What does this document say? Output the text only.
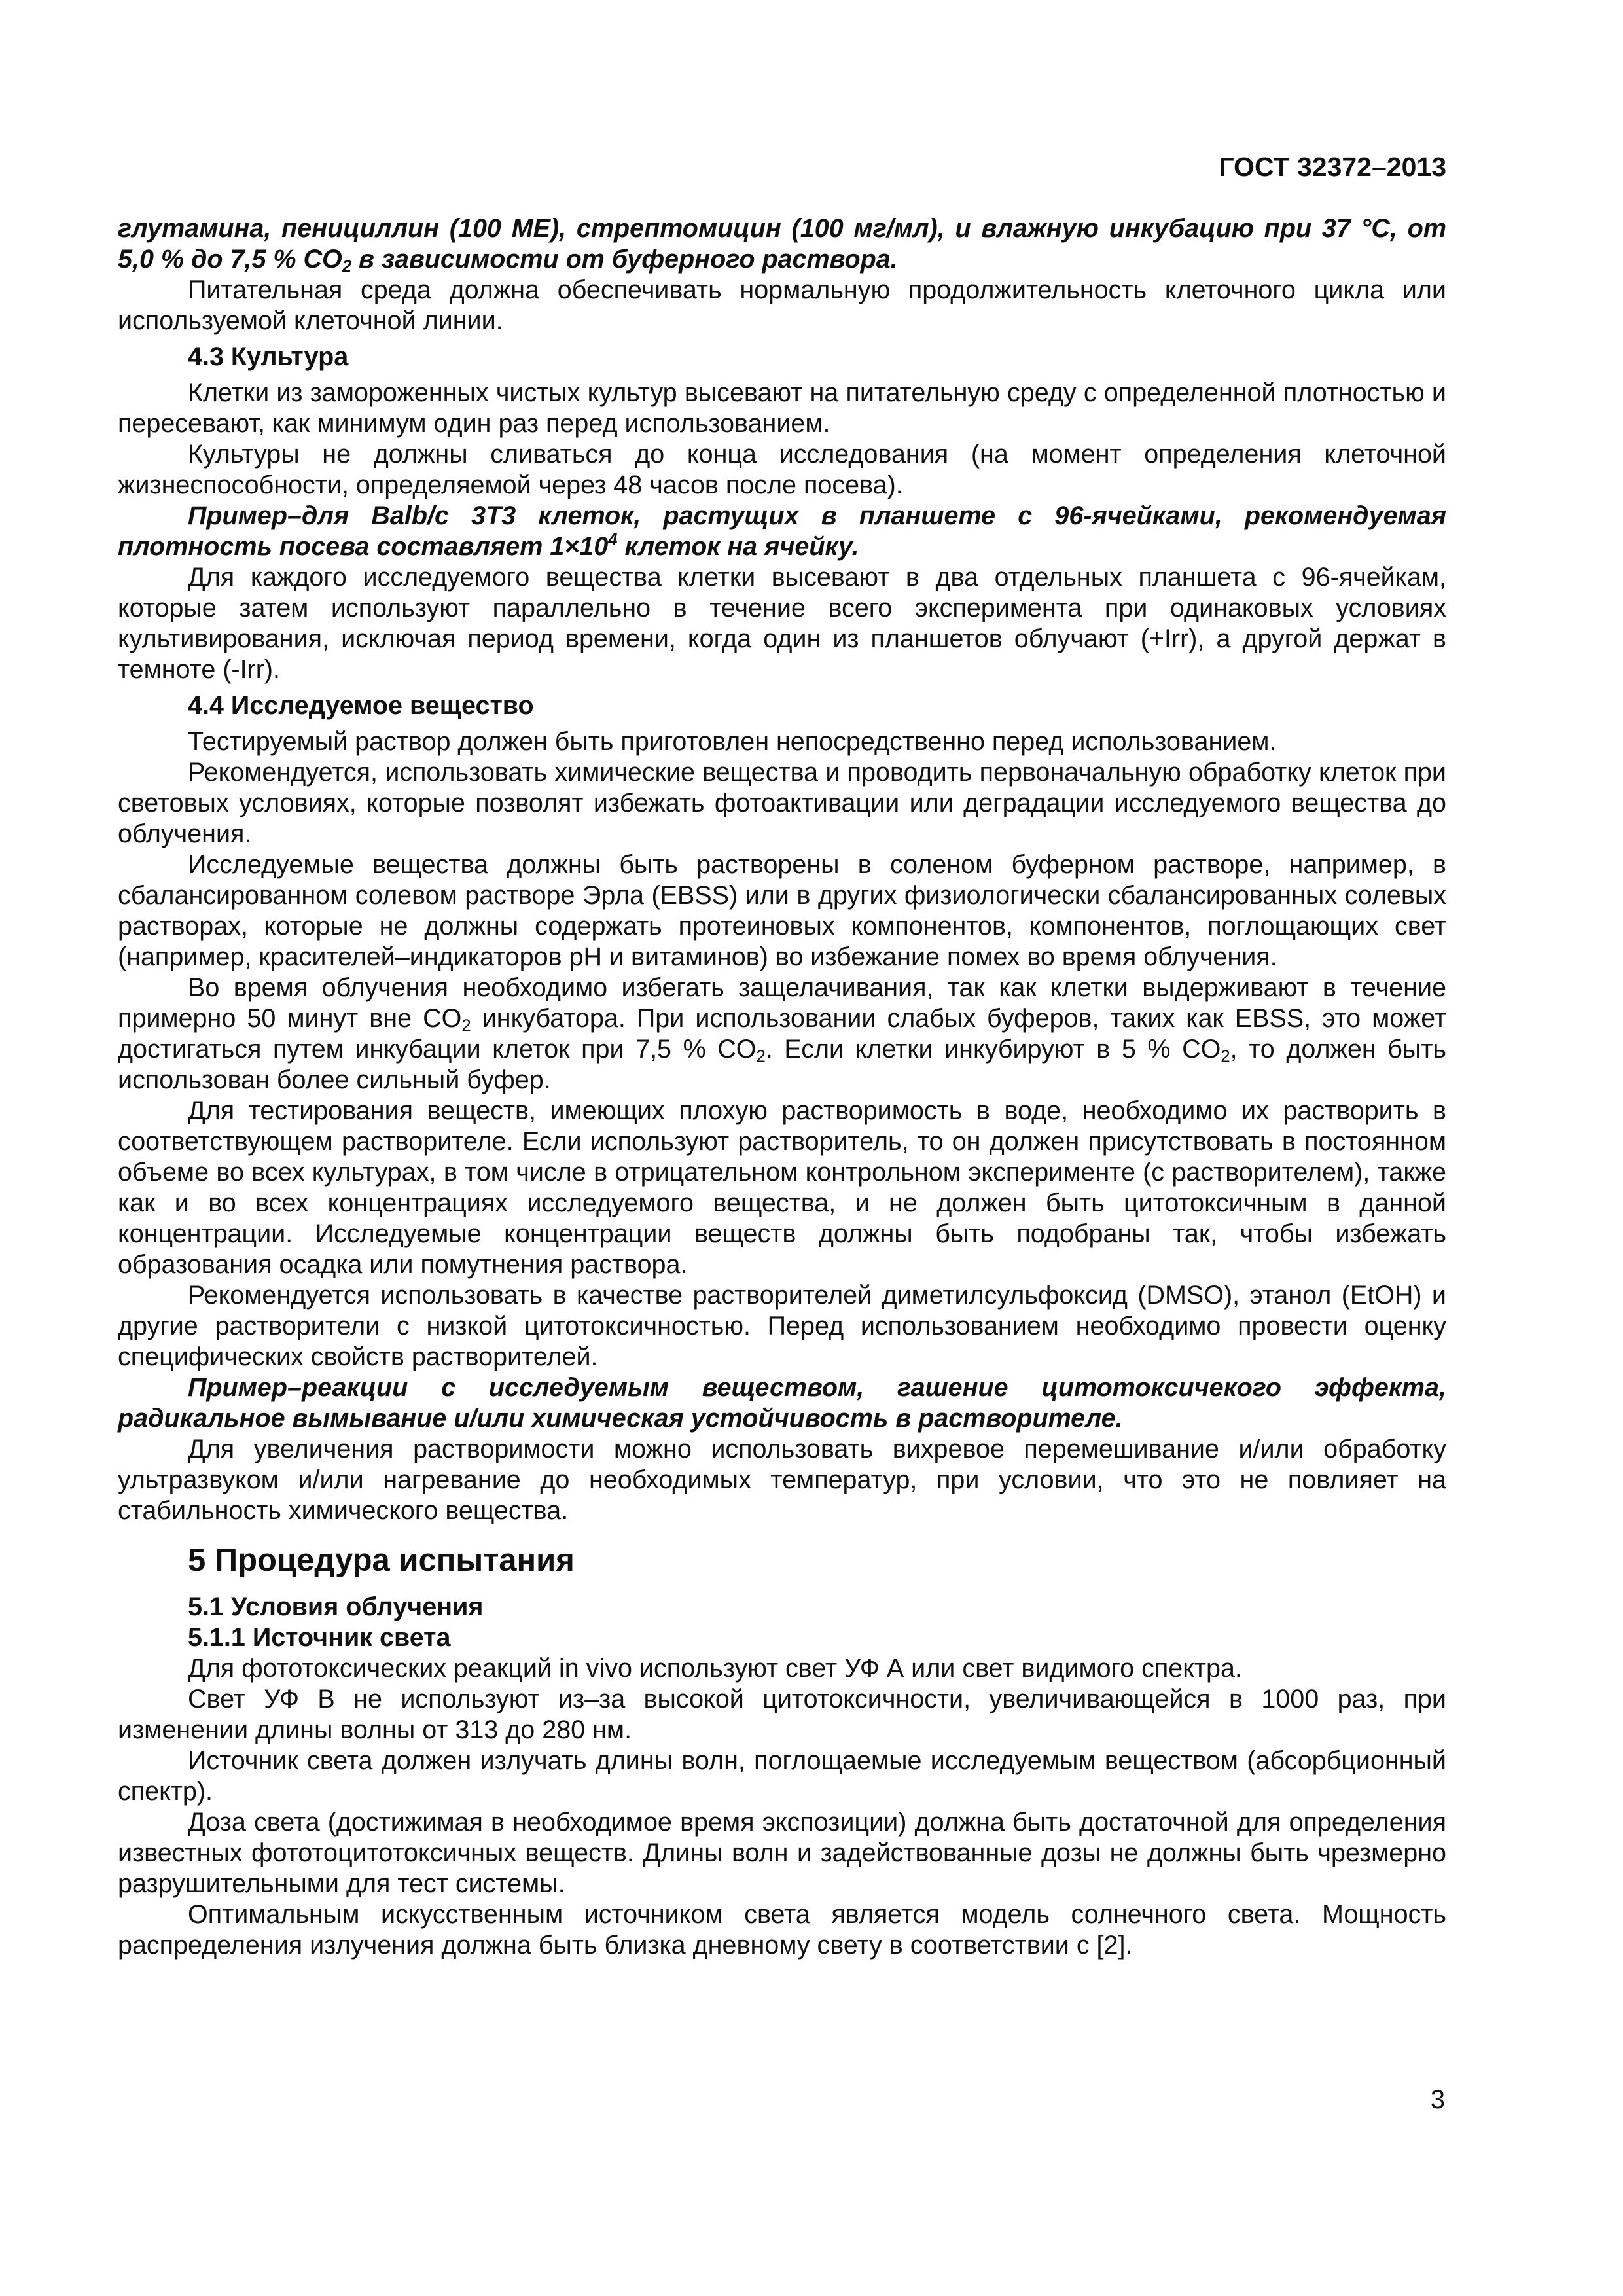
ГОСТ 32372–2013

глутамина, пенициллин (100 МЕ), стрептомицин (100 мг/мл), и влажную инкубацию при 37 °С, от 5,0 % до 7,5 % $CO_2$ в зависимости от буферного раствора.

Питательная среда должна обеспечивать нормальную продолжительность клеточного цикла или используемой клеточной линии.

4.3 Культура

Клетки из замороженных чистых культур высевают на питательную среду с определенной плотностью и пересевают, как минимум один раз перед использованием.

Культуры не должны сливаться до конца исследования (на момент определения клеточной жизнеспособности, определяемой через 48 часов после посева).

Пример–для Balb/c 3Т3 клеток, растущих в планшете с 96-ячейками, рекомендуемая плотность посева составляет $1\times 10^4$ клеток на ячейку.

Для каждого исследуемого вещества клетки высевают в два отдельных планшета с 96-ячейкам, которые затем используют параллельно в течение всего эксперимента при одинаковых условиях культивирования, исключая период времени, когда один из планшетов облучают (+Irr), а другой держат в темноте (-Irr).

4.4 Исследуемое вещество

Тестируемый раствор должен быть приготовлен непосредственно перед использованием.

Рекомендуется, использовать химические вещества и проводить первоначальную обработку клеток при световых условиях, которые позволят избежать фотоактивации или деградации исследуемого вещества до облучения.

Исследуемые вещества должны быть растворены в соленом буферном растворе, например, в сбалансированном солевом растворе Эрла (EBSS) или в других физиологически сбалансированных солевых растворах, которые не должны содержать протеиновых компонентов, компонентов, поглощающих свет (например, красителей–индикаторов pH и витаминов) во избежание помех во время облучения.

Во время облучения необходимо избегать защелачивания, так как клетки выдерживают в течение примерно 50 минут вне $CO_2$ инкубатора. При использовании слабых буферов, таких как EBSS, это может достигаться путем инкубации клеток при 7,5 % $CO_2$. Если клетки инкубируют в 5 % $CO_2$, то должен быть использован более сильный буфер.

Для тестирования веществ, имеющих плохую растворимость в воде, необходимо их растворить в соответствующем растворителе. Если используют растворитель, то он должен присутствовать в постоянном объеме во всех культурах, в том числе в отрицательном контрольном эксперименте (с растворителем), также как и во всех концентрациях исследуемого вещества, и не должен быть цитотоксичным в данной концентрации. Исследуемые концентрации веществ должны быть подобраны так, чтобы избежать образования осадка или помутнения раствора.

Рекомендуется использовать в качестве растворителей диметилсульфоксид (DMSO), этанол (EtOH) и другие растворители с низкой цитотоксичностью. Перед использованием необходимо провести оценку специфических свойств растворителей.

Пример–реакции с исследуемым веществом, гашение цитотоксичекого эффекта, радикальное вымывание и/или химическая устойчивость в растворителе.

Для увеличения растворимости можно использовать вихревое перемешивание и/или обработку ультразвуком и/или нагревание до необходимых температур, при условии, что это не повлияет на стабильность химического вещества.

5 Процедура испытания

5.1 Условия облучения

5.1.1 Источник света

Для фототоксических реакций in vivo используют свет УФ А или свет видимого спектра.

Свет УФ В не используют из–за высокой цитотоксичности, увеличивающейся в 1000 раз, при изменении длины волны от 313 до 280 нм.

Источник света должен излучать длины волн, поглощаемые исследуемым веществом (абсорбционный спектр).

Доза света (достижимая в необходимое время экспозиции) должна быть достаточной для определения известных фототоцитотоксичных веществ. Длины волн и задействованные дозы не должны быть чрезмерно разрушительными для тест системы.

Оптимальным искусственным источником света является модель солнечного света. Мощность распределения излучения должна быть близка дневному свету в соответствии с [2].

3
